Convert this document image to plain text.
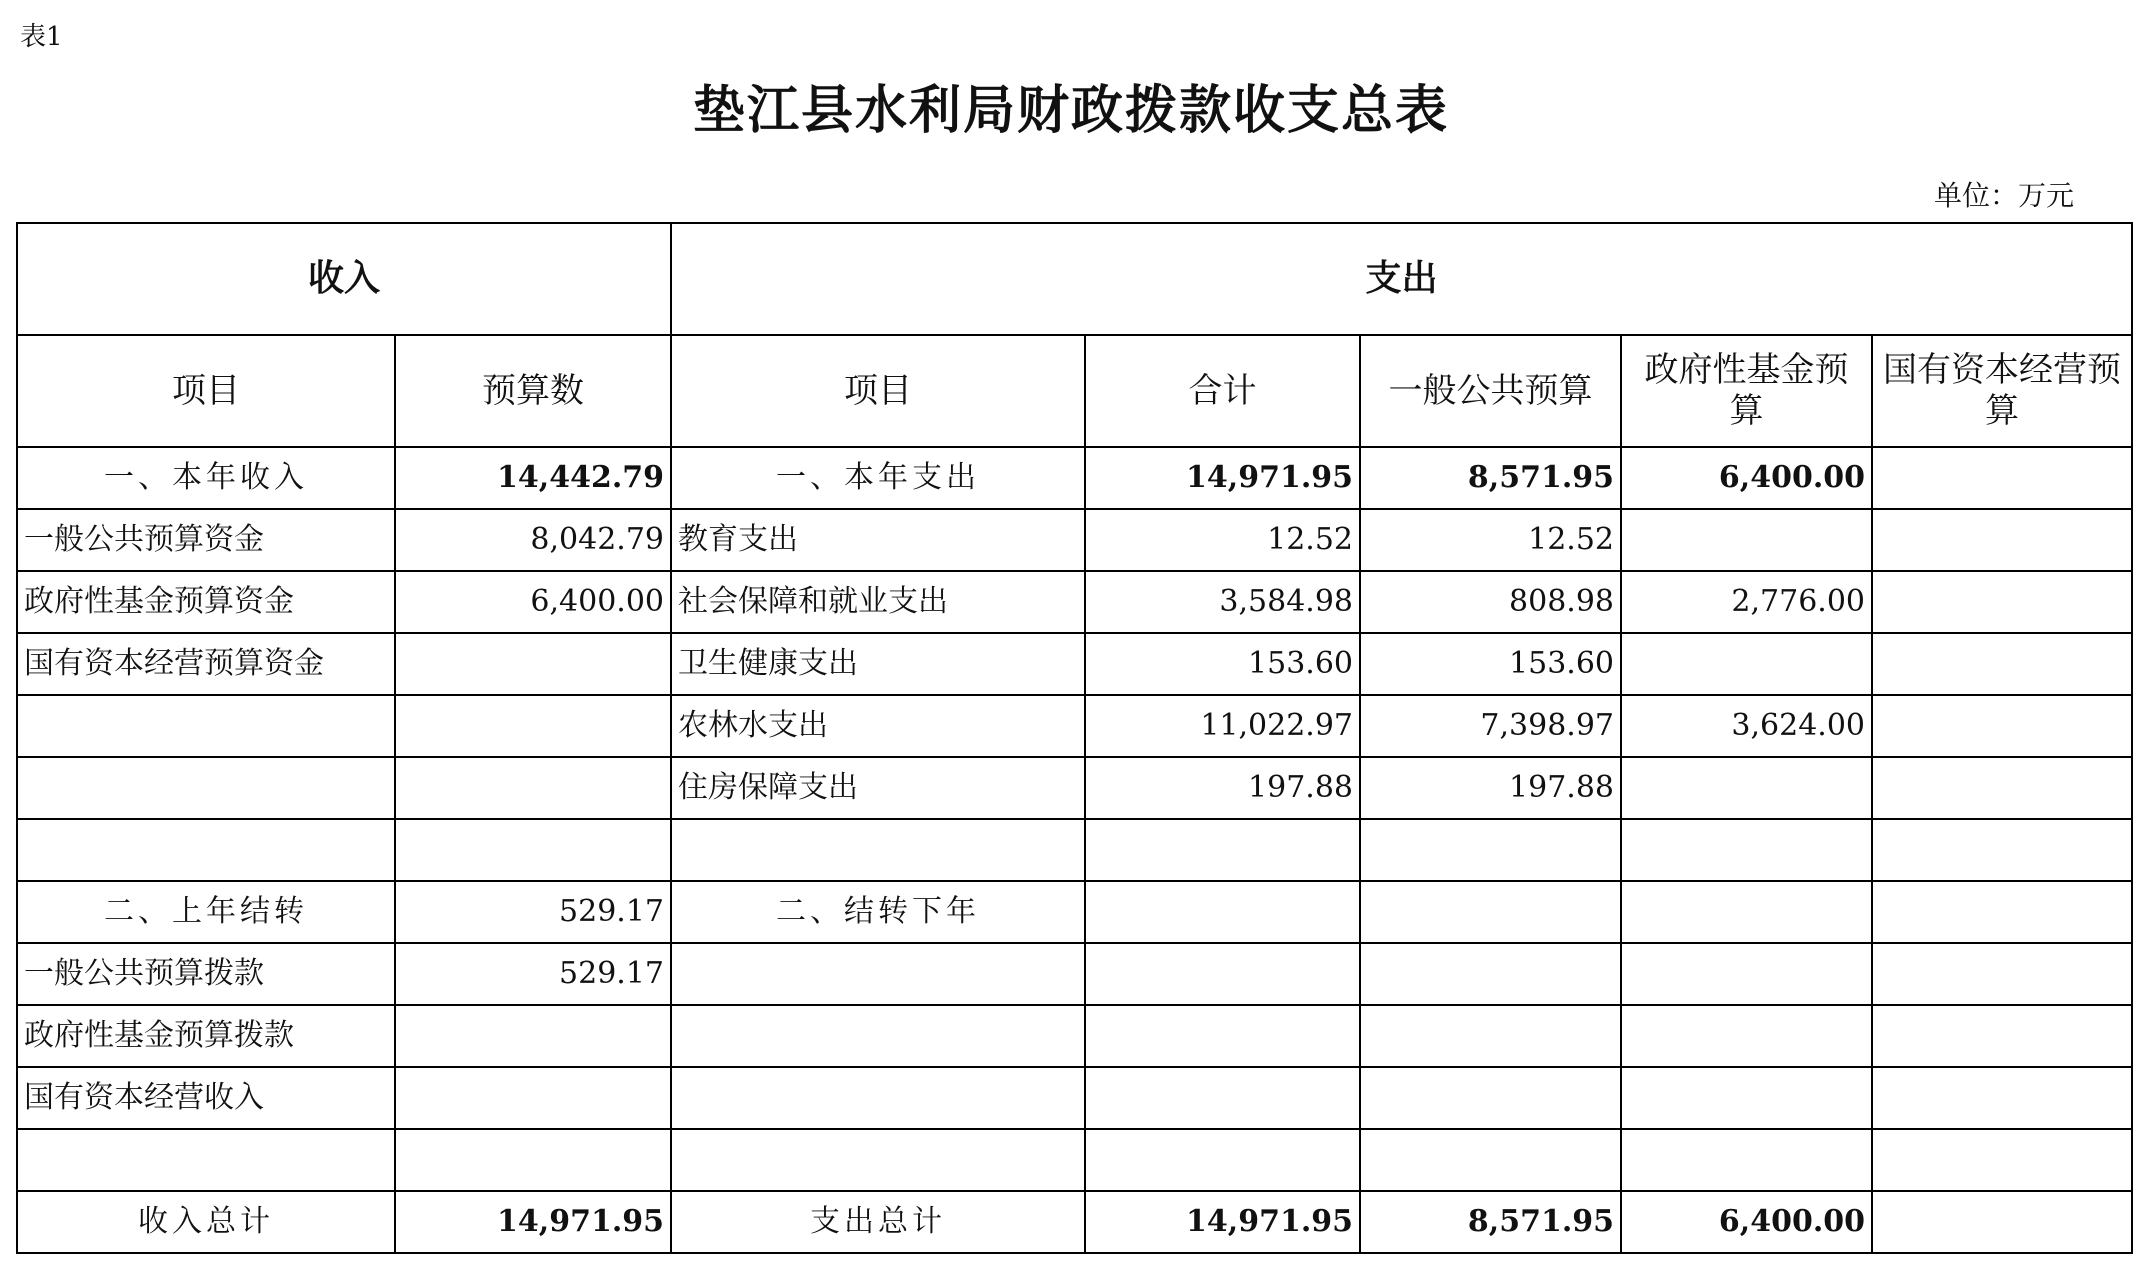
表1
垫江县水利局财政拨款收支总表
单位：万元
收入		支出				
项目	预算数	项目	合计	一般公共预算	政府性基金预算	国有资本经营预算
一、本年收入	14,442.79	一、本年支出	14,971.95	8,571.95	6,400.00	
一般公共预算资金	8,042.79	教育支出	12.52	12.52		
政府性基金预算资金	6,400.00	社会保障和就业支出	3,584.98	808.98	2,776.00	
国有资本经营预算资金		卫生健康支出	153.60	153.60		
		农林水支出	11,022.97	7,398.97	3,624.00	
		住房保障支出	197.88	197.88		

二、上年结转	529.17	二、结转下年				
一般公共预算拨款	529.17					
政府性基金预算拨款						
国有资本经营收入						

收入总计	14,971.95	支出总计	14,971.95	8,571.95	6,400.00	
